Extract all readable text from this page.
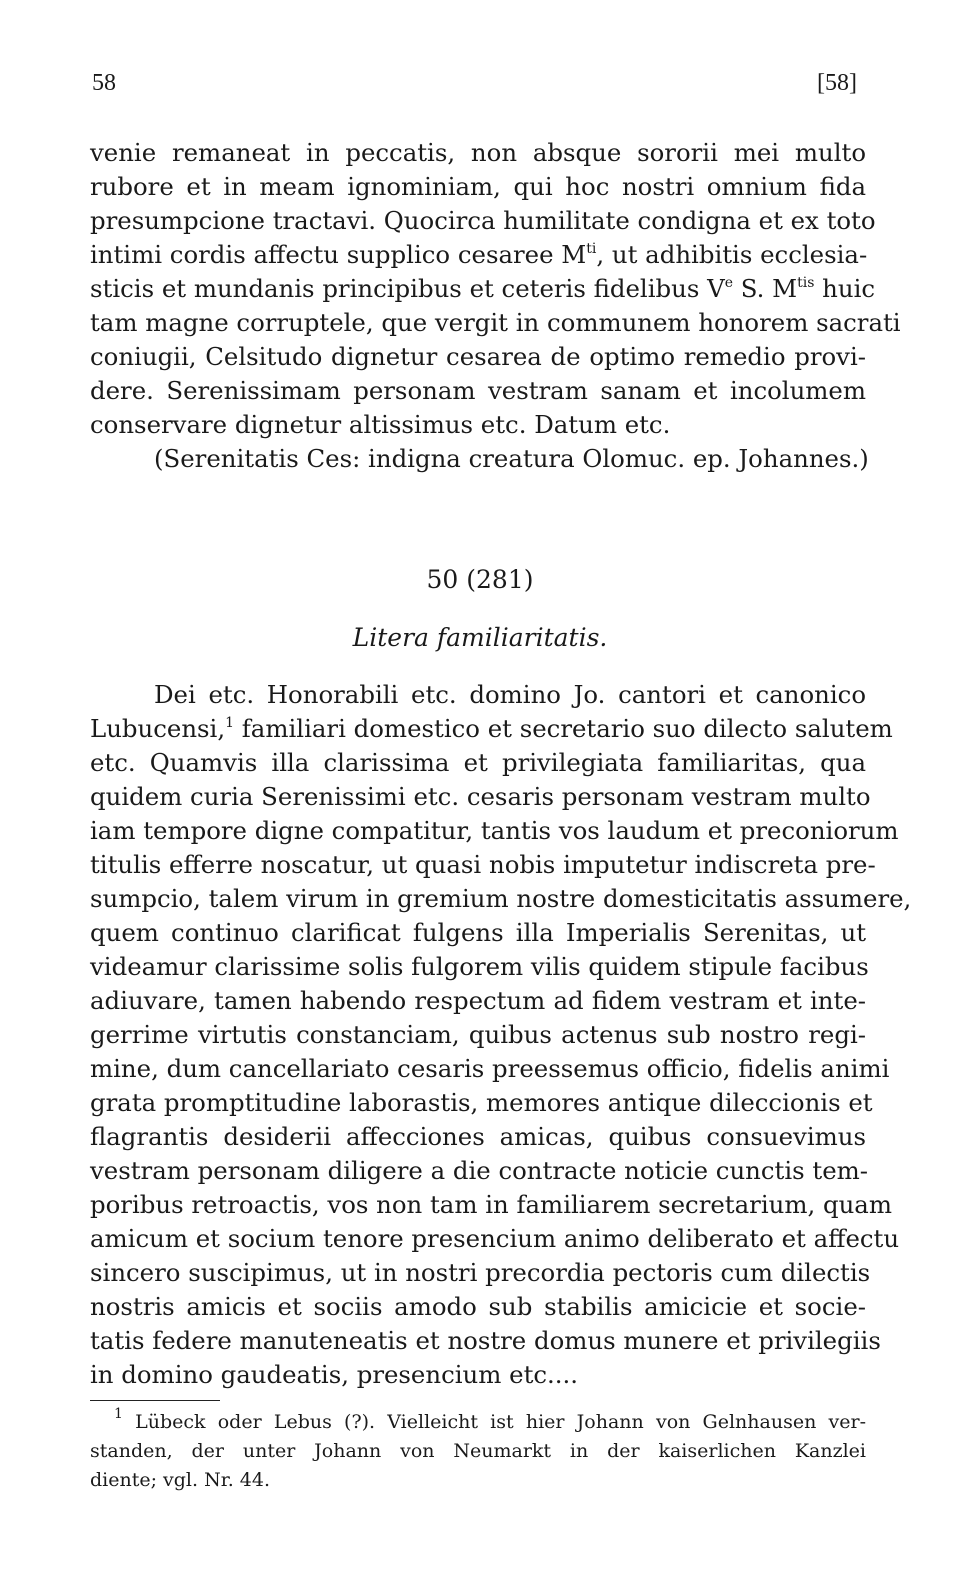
58	[58]
venie remaneat in peccatis, non absque sororii mei multo
rubore et in meam ignominiam, qui hoc nostri omnium fida
presumpcione tractavi. Quocirca humilitate condigna et ex toto
intimi cordis affectu supplico cesaree $M^{ti}$, ut adhibitis ecclesia-
sticis et mundanis principibus et ceteris fidelibus Ve S. $M^{tis}$ huic
tam magne corruptele, que vergit in communem honorem sacrati
coniugii, Celsitudo dignetur cesarea de optimo remedio provi-
dere. Serenissimam personam vestram sanam et incolumem
conservare dignetur altissimus etc. Datum etc.
(Serenitatis Ces: indigna creatura Olomuc. ep. Johannes.)
50 (281)
Litera familiaritatis.
Dei etc. Honorabili etc. domino Jo. cantori et canonico
Lubucensi,$^1$ familiari domestico et secretario suo dilecto salutem
etc. Quamvis illa clarissima et privilegiata familiaritas, qua
quidem curia Serenissimi etc. cesaris personam vestram multo
iam tempore digne compatitur, tantis vos laudum et preconiorum
titulis efferre noscatur, ut quasi nobis imputetur indiscreta pre-
sumpcio, talem virum in gremium nostre domesticitatis assumere,
quem continuo clarificat fulgens illa Imperialis Serenitas, ut
videamur clarissime solis fulgorem vilis quidem stipule facibus
adiuvare, tamen habendo respectum ad fidem vestram et inte-
gerrime virtutis constanciam, quibus actenus sub nostro regi-
mine, dum cancellariato cesaris preessemus officio, fidelis animi
grata promptitudine laborastis, memores antique dileccionis et
flagrantis desiderii affecciones amicas, quibus consuevimus
vestram personam diligere a die contracte noticie cunctis tem-
poribus retroactis, vos non tam in familiarem secretarium, quam
amicum et socium tenore presencium animo deliberato et affectu
sincero suscipimus, ut in nostri precordia pectoris cum dilectis
nostris amicis et sociis amodo sub stabilis amicicie et socie-
tatis federe manuteneatis et nostre domus munere et privilegiis
in domino gaudeatis, presencium etc....
$^1$ Lübeck oder Lebus (?). Vielleicht ist hier Johann von Gelnhausen ver-
standen, der unter Johann von Neumarkt in der kaiserlichen Kanzlei
diente; vgl. Nr. 44.
